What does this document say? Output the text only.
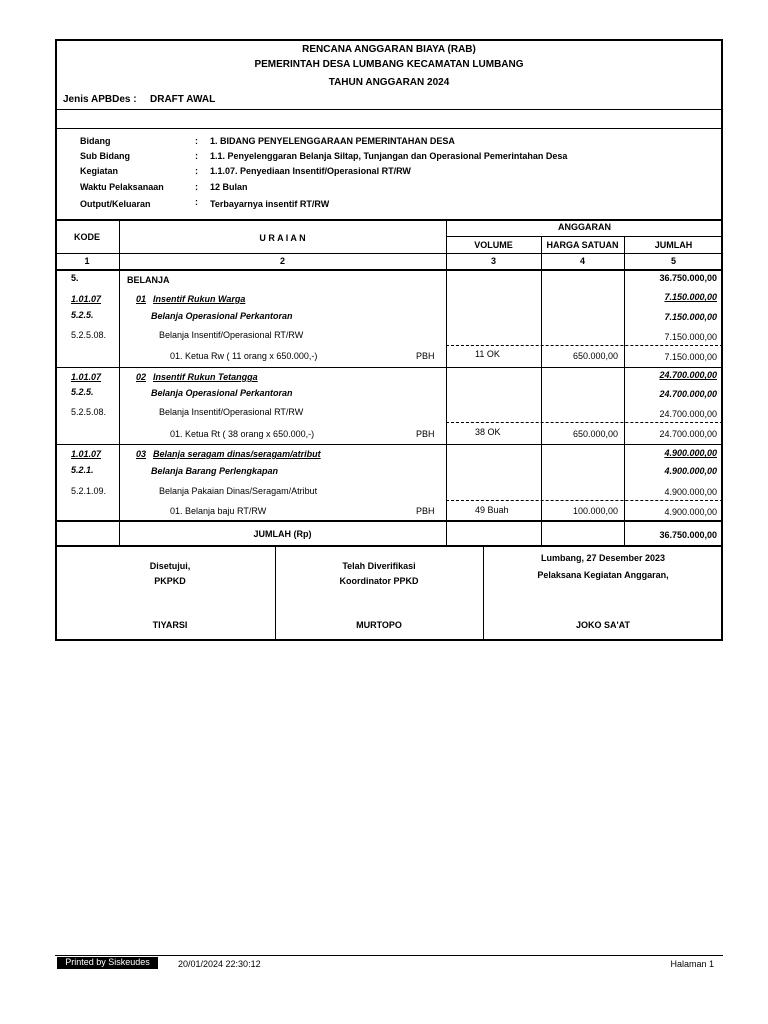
RENCANA ANGGARAN BIAYA (RAB)
PEMERINTAH DESA LUMBANG KECAMATAN LUMBANG
TAHUN ANGGARAN 2024
Jenis APBDes : DRAFT AWAL
Bidang	: 1. BIDANG PENYELENGGARAAN PEMERINTAHAN DESA
Sub Bidang	: 1.1. Penyelenggaran Belanja Siltap, Tunjangan dan Operasional Pemerintahan Desa
Kegiatan	: 1.1.07. Penyediaan Insentif/Operasional RT/RW
Waktu Pelaksanaan	: 12 Bulan
Output/Keluaran	: Terbayarnya insentif RT/RW
KODE	U R A I A N
ANGGARAN
VOLUME	HARGA SATUAN	JUMLAH
1	2	3	4	5
5.	BELANJA	36.750.000,00
1.01.07	01 Insentif Rukun Warga	7.150.000,00
5.2.5.	Belanja Operasional Perkantoran	7.150.000,00
5.2.5.08.	Belanja Insentif/Operasional RT/RW	7.150.000,00
01. Ketua Rw ( 11 orang x 650.000,-)	PBH	11 OK	650.000,00	7.150.000,00
1.01.07	02 Insentif Rukun Tetangga	24.700.000,00
5.2.5.	Belanja Operasional Perkantoran	24.700.000,00
5.2.5.08.	Belanja Insentif/Operasional RT/RW	24.700.000,00
01. Ketua Rt ( 38 orang x 650.000,-)	PBH	38 OK	650.000,00	24.700.000,00
1.01.07	03 Belanja seragam dinas/seragam/atribut	4.900.000,00
5.2.1.	Belanja Barang Perlengkapan	4.900.000,00
5.2.1.09.	Belanja Pakaian Dinas/Seragam/Atribut	4.900.000,00
01. Belanja baju RT/RW	PBH	49 Buah	100.000,00	4.900.000,00
JUMLAH (Rp)	36.750.000,00
Disetujui,
PKPKD
TIYARSI
Telah Diverifikasi
Koordinator PPKD
MURTOPO
Lumbang, 27 Desember 2023
Pelaksana Kegiatan Anggaran,
JOKO SA'AT
Printed by Siskeudes	20/01/2024 22:30:12	Halaman 1
